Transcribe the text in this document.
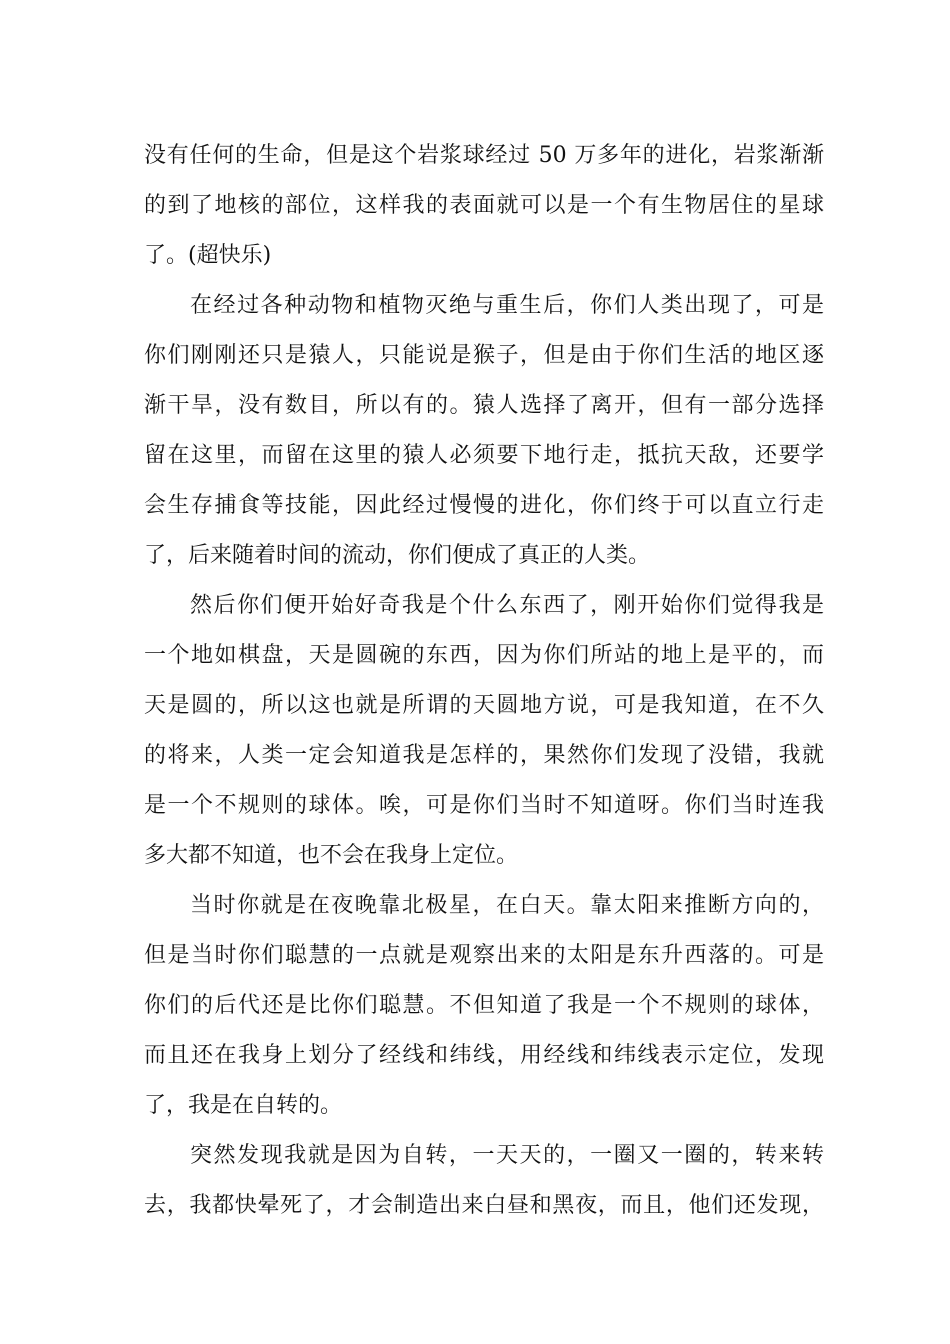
没有任何的生命，但是这个岩浆球经过 50 万多年的进化，岩浆渐渐
的到了地核的部位，这样我的表面就可以是一个有生物居住的星球
了。(超快乐)
在经过各种动物和植物灭绝与重生后，你们人类出现了，可是
你们刚刚还只是猿人，只能说是猴子，但是由于你们生活的地区逐
渐干旱，没有数目，所以有的。猿人选择了离开，但有一部分选择
留在这里，而留在这里的猿人必须要下地行走，抵抗天敌，还要学
会生存捕食等技能，因此经过慢慢的进化，你们终于可以直立行走
了，后来随着时间的流动，你们便成了真正的人类。
然后你们便开始好奇我是个什么东西了，刚开始你们觉得我是
一个地如棋盘，天是圆碗的东西，因为你们所站的地上是平的，而
天是圆的，所以这也就是所谓的天圆地方说，可是我知道，在不久
的将来，人类一定会知道我是怎样的，果然你们发现了没错，我就
是一个不规则的球体。唉，可是你们当时不知道呀。你们当时连我
多大都不知道，也不会在我身上定位。
当时你就是在夜晚靠北极星，在白天。靠太阳来推断方向的，
但是当时你们聪慧的一点就是观察出来的太阳是东升西落的。可是
你们的后代还是比你们聪慧。不但知道了我是一个不规则的球体，
而且还在我身上划分了经线和纬线，用经线和纬线表示定位，发现
了，我是在自转的。
突然发现我就是因为自转，一天天的，一圈又一圈的，转来转
去，我都快晕死了，才会制造出来白昼和黑夜，而且，他们还发现，
